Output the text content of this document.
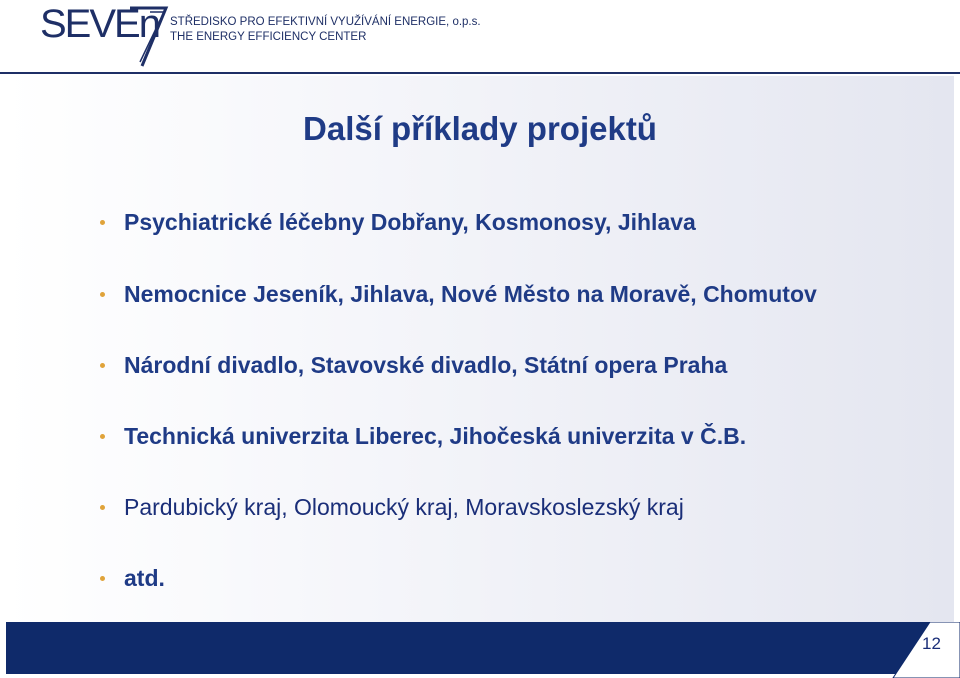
SEVEn STŘEDISKO PRO EFEKTIVNÍ VYUŽÍVÁNÍ ENERGIE, o.p.s.
THE ENERGY EFFICIENCY CENTER
Další příklady projektů
Psychiatrické léčebny Dobřany, Kosmonosy, Jihlava
Nemocnice Jeseník, Jihlava, Nové Město na Moravě, Chomutov
Národní divadlo, Stavovské divadlo, Státní opera Praha
Technická univerzita Liberec, Jihočeská univerzita v Č.B.
Pardubický kraj, Olomoucký kraj, Moravskoslezský kraj
atd.
12
